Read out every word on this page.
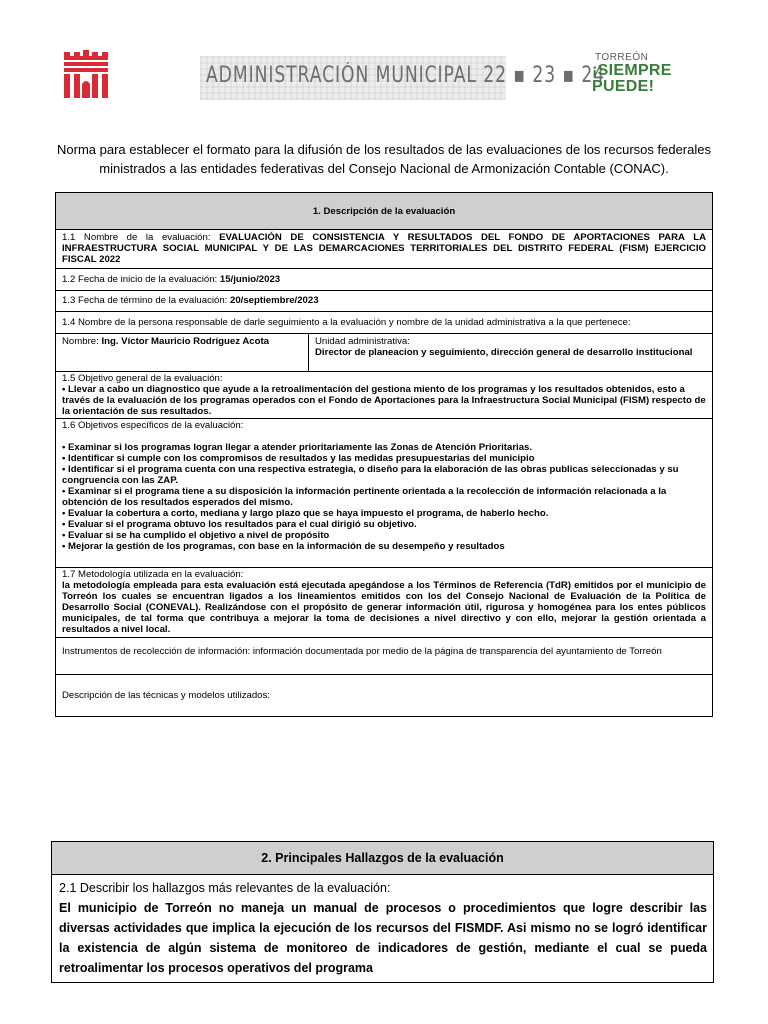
ADMINISTRACIÓN MUNICIPAL 22 ▪ 23 ▪ 24
TORREÓN
¡SIEMPRE
PUEDE!
Norma para establecer el formato para la difusión de los resultados de las evaluaciones de los recursos federales ministrados a las entidades federativas del Consejo Nacional de Armonización Contable (CONAC).
1. Descripción de la evaluación
1.1 Nombre de la evaluación: EVALUACIÓN DE CONSISTENCIA Y RESULTADOS DEL FONDO DE APORTACIONES PARA LA INFRAESTRUCTURA SOCIAL MUNICIPAL Y DE LAS DEMARCACIONES TERRITORIALES DEL DISTRITO FEDERAL (FISM) EJERCICIO FISCAL 2022
1.2 Fecha de inicio de la evaluación: 15/junio/2023
1.3 Fecha de término de la evaluación: 20/septiembre/2023
1.4 Nombre de la persona responsable de darle seguimiento a la evaluación y nombre de la unidad administrativa a la que pertenece:
Nombre: Ing. Víctor Mauricio Rodríguez Acota	Unidad administrativa:
Director de planeacion y seguimiento, dirección general de desarrollo institucional
1.5 Objetivo general de la evaluación:
• Llevar a cabo un diagnostico que ayude a la retroalimentación del gestiona miento de los programas y los resultados obtenidos, esto a través de la evaluación de los programas operados con el Fondo de Aportaciones para la Infraestructura Social Municipal (FISM) respecto de la orientación de sus resultados.
1.6 Objetivos específicos de la evaluación:
• Examinar si los programas logran llegar a atender prioritariamente las Zonas de Atención Prioritarias.
• Identificar si cumple con los compromisos de resultados y las medidas presupuestarias del municipio
• Identificar si el programa cuenta con una respectiva estrategia, o diseño para la elaboración de las obras publicas seleccionadas y su congruencia con las ZAP.
• Examinar si el programa tiene a su disposición la información pertinente orientada a la recolección de información relacionada a la obtención de los resultados esperados del mismo.
• Evaluar la cobertura a corto, mediana y largo plazo que se haya impuesto el programa, de haberlo hecho.
• Evaluar si el programa obtuvo los resultados para el cual dirigió su objetivo.
• Evaluar si se ha cumplido el objetivo a nivel de propósito
• Mejorar la gestión de los programas, con base en la información de su desempeño y resultados
1.7 Metodología utilizada en la evaluación:
la metodología empleada para esta evaluación está ejecutada apegándose a los Términos de Referencia (TdR) emitidos por el municipio de Torreón los cuales se encuentran ligados a los lineamientos emitidos con los del Consejo Nacional de Evaluación de la Política de Desarrollo Social (CONEVAL). Realizándose con el propósito de generar información útil, rigurosa y homogénea para los entes públicos municipales, de tal forma que contribuya a mejorar la toma de decisiones a nivel directivo y con ello, mejorar la gestión orientada a resultados a nivel local.
Instrumentos de recolección de información: información documentada por medio de la página de transparencia del ayuntamiento de Torreón
Descripción de las técnicas y modelos utilizados:
2. Principales Hallazgos de la evaluación
2.1 Describir los hallazgos más relevantes de la evaluación:
El municipio de Torreón no maneja un manual de procesos o procedimientos que logre describir las diversas actividades que implica la ejecución de los recursos del FISMDF. Asi mismo no se logró identificar la existencia de algún sistema de monitoreo de indicadores de gestión, mediante el cual se pueda retroalimentar los procesos operativos del programa
